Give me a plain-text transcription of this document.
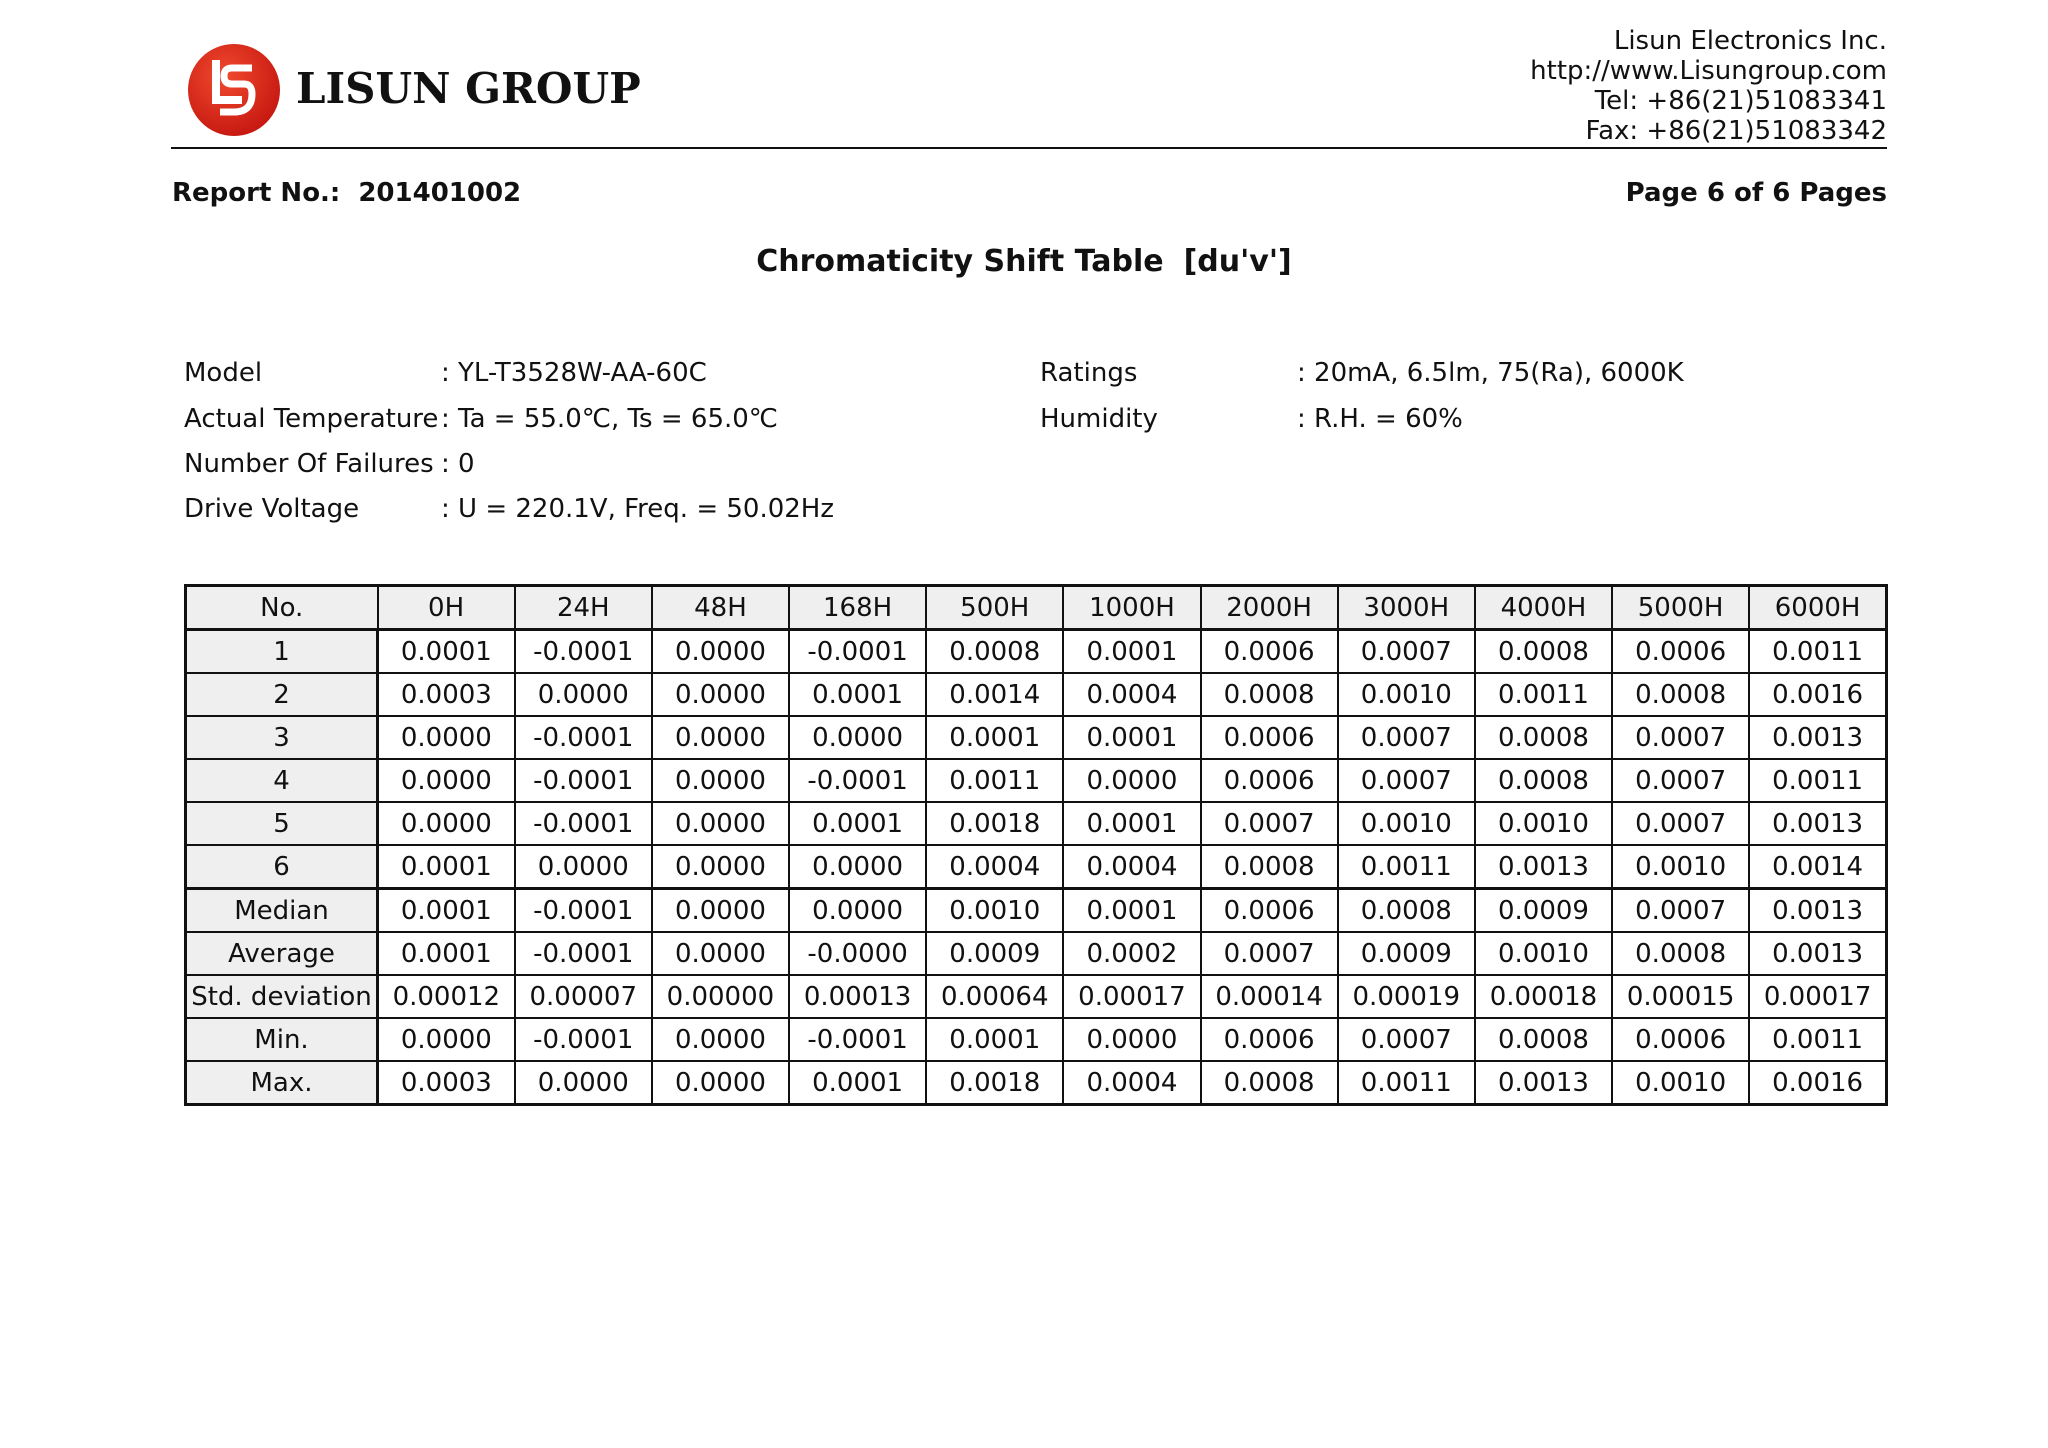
LISUN GROUP
Lisun Electronics Inc.
http://www.Lisungroup.com
Tel: +86(21)51083341
Fax: +86(21)51083342
Report No.: 201401002	Page 6 of 6 Pages
Chromaticity Shift Table [du'v']
Model	: YL-T3528W-AA-60C
Actual Temperature : Ta = 55.0℃, Ts = 65.0℃
Number Of Failures : 0
Drive Voltage	: U = 220.1V, Freq. = 50.02Hz
Ratings	: 20mA, 6.5lm, 75(Ra), 6000K
Humidity	: R.H. = 60%
No.	0H	24H	48H	168H	500H	1000H	2000H	3000H	4000H	5000H	6000H
1	0.0001	-0.0001	0.0000	-0.0001	0.0008	0.0001	0.0006	0.0007	0.0008	0.0006	0.0011
2	0.0003	0.0000	0.0000	0.0001	0.0014	0.0004	0.0008	0.0010	0.0011	0.0008	0.0016
3	0.0000	-0.0001	0.0000	0.0000	0.0001	0.0001	0.0006	0.0007	0.0008	0.0007	0.0013
4	0.0000	-0.0001	0.0000	-0.0001	0.0011	0.0000	0.0006	0.0007	0.0008	0.0007	0.0011
5	0.0000	-0.0001	0.0000	0.0001	0.0018	0.0001	0.0007	0.0010	0.0010	0.0007	0.0013
6	0.0001	0.0000	0.0000	0.0000	0.0004	0.0004	0.0008	0.0011	0.0013	0.0010	0.0014
Median	0.0001	-0.0001	0.0000	0.0000	0.0010	0.0001	0.0006	0.0008	0.0009	0.0007	0.0013
Average	0.0001	-0.0001	0.0000	-0.0000	0.0009	0.0002	0.0007	0.0009	0.0010	0.0008	0.0013
Std. deviation	0.00012	0.00007	0.00000	0.00013	0.00064	0.00017	0.00014	0.00019	0.00018	0.00015	0.00017
Min.	0.0000	-0.0001	0.0000	-0.0001	0.0001	0.0000	0.0006	0.0007	0.0008	0.0006	0.0011
Max.	0.0003	0.0000	0.0000	0.0001	0.0018	0.0004	0.0008	0.0011	0.0013	0.0010	0.0016
